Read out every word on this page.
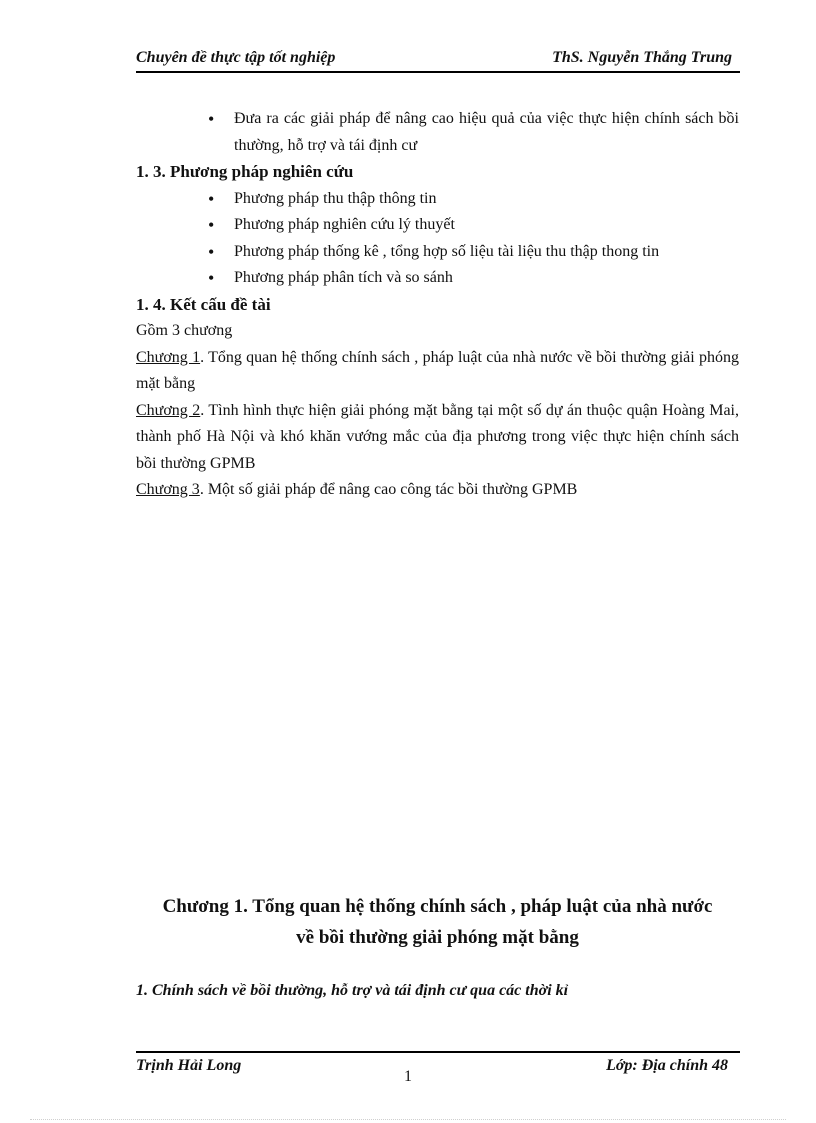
Chuyên đề thực tập tốt nghiệp	ThS. Nguyễn Thắng Trung
• Đưa ra các giải pháp để nâng cao hiệu quả của việc thực hiện chính sách bồi thường, hỗ trợ và tái định cư

1. 3. Phương pháp nghiên cứu

• Phương pháp thu thập thông tin
• Phương pháp nghiên cứu lý thuyết
• Phương pháp thống kê , tổng hợp số liệu tài liệu thu thập thong tin
• Phương pháp phân tích và so sánh

1. 4. Kết cấu đề tài

Gồm 3 chương

Chương 1. Tổng quan hệ thống chính sách , pháp luật của nhà nước về bồi thường giải phóng mặt bằng

Chương 2. Tình hình thực hiện giải phóng mặt bằng tại một số dự án thuộc quận Hoàng Mai, thành phố Hà Nội và khó khăn vướng mắc của địa phương trong việc thực hiện chính sách bồi thường GPMB

Chương 3. Một số giải pháp để nâng cao công tác bồi thường GPMB

Chương 1. Tổng quan hệ thống chính sách , pháp luật của nhà nước
về bồi thường giải phóng mặt bằng
1. Chính sách về bồi thường, hỗ trợ và tái định cư qua các thời kỉ
Trịnh Hải Long	Lớp: Địa chính 48
1
